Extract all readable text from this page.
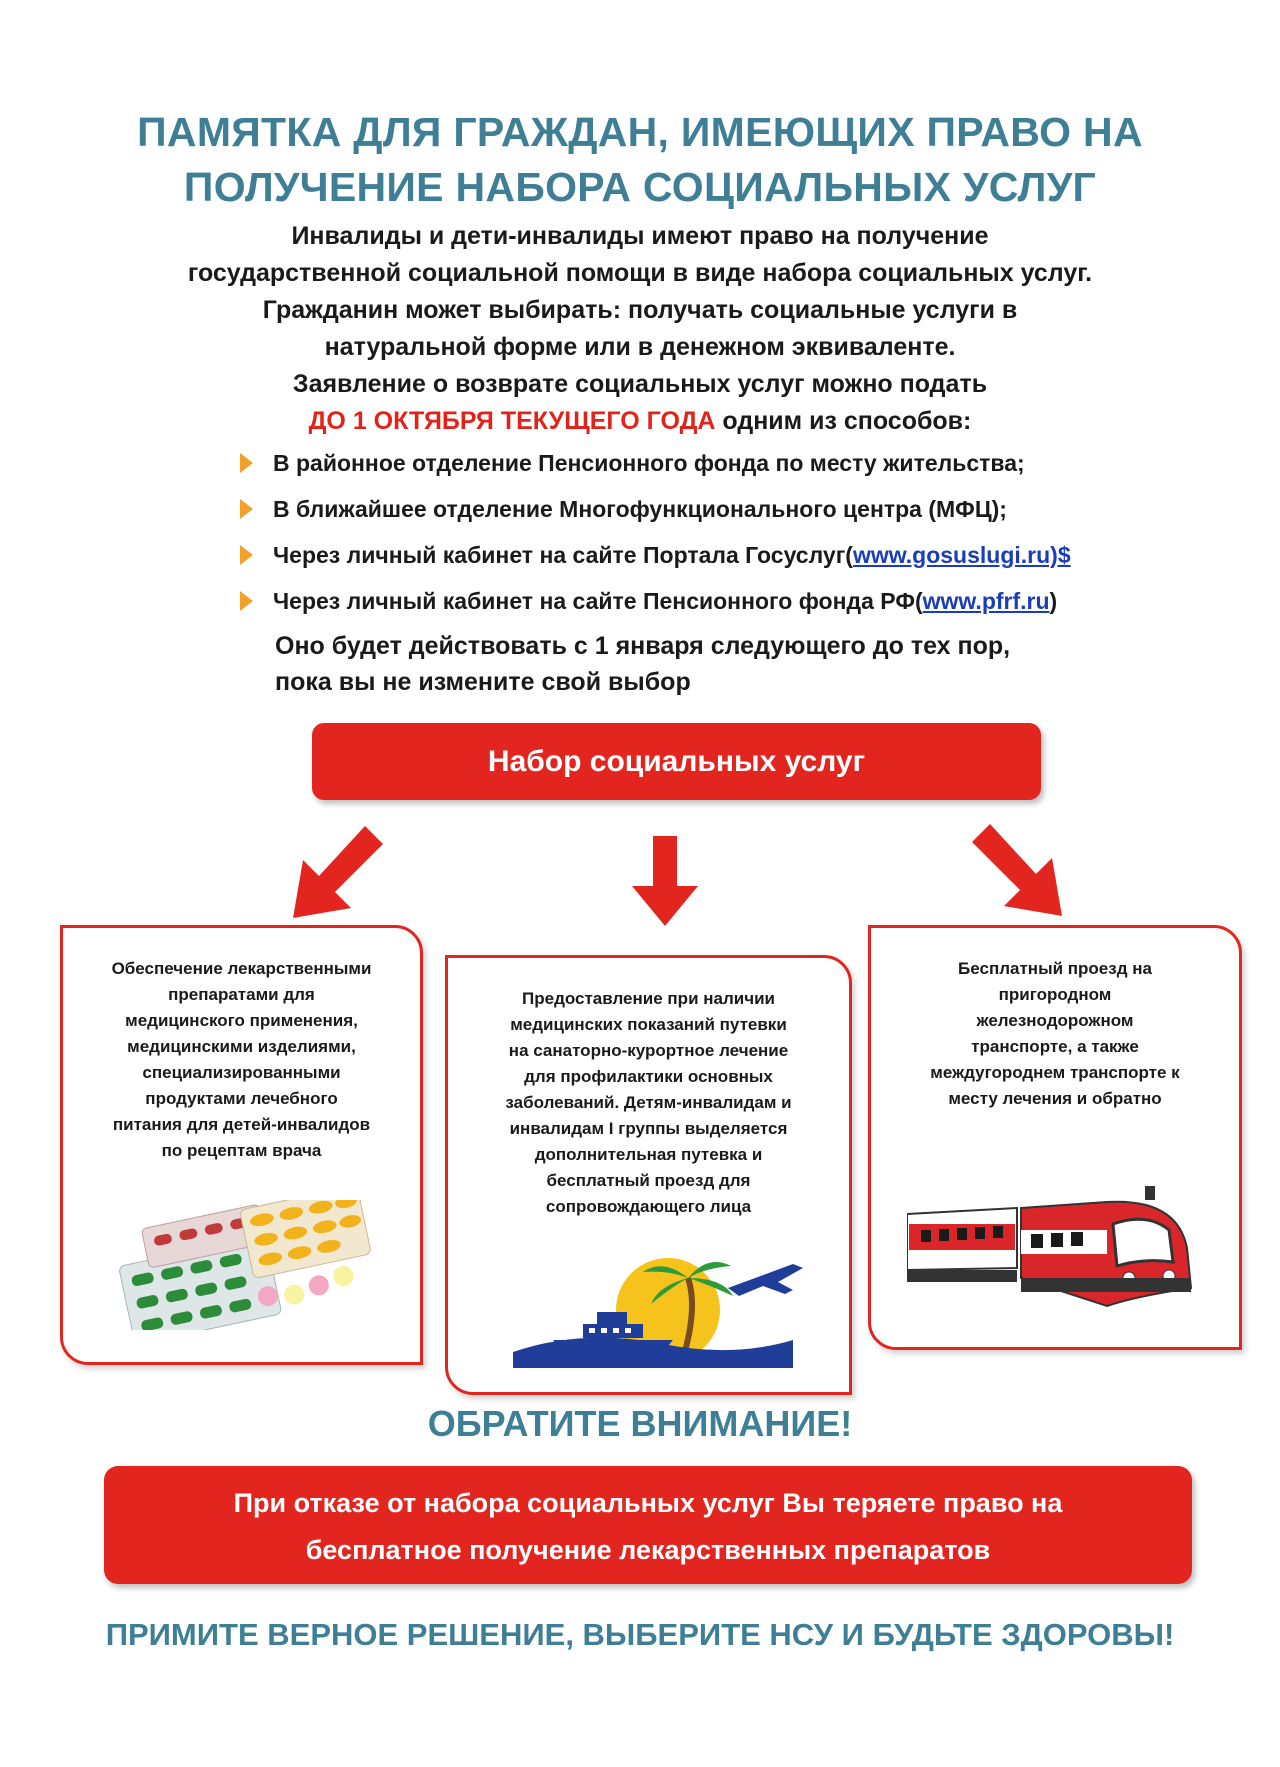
ПАМЯТКА ДЛЯ ГРАЖДАН, ИМЕЮЩИХ ПРАВО НА
ПОЛУЧЕНИЕ НАБОРА СОЦИАЛЬНЫХ УСЛУГ
Инвалиды и дети-инвалиды имеют право на получение
государственной социальной помощи в виде набора социальных услуг.
Гражданин может выбирать: получать социальные услуги в
натуральной форме или в денежном эквиваленте.
Заявление о возврате социальных услуг можно подать
ДО 1 ОКТЯБРЯ ТЕКУЩЕГО ГОДА одним из способов:
В районное отделение Пенсионного фонда по месту жительства;
В ближайшее отделение Многофункционального центра (МФЦ);
Через личный кабинет на сайте Портала Госуслуг( www.gosuslugi.ru)$
Через личный кабинет на сайте Пенсионного фонда РФ( www.pfrf.ru )
Оно будет действовать с 1 января следующего до тех пор,
пока вы не измените свой выбор
Набор социальных услуг
Обеспечение лекарственными
препаратами для
медицинского применения,
медицинскими изделиями,
специализированными
продуктами лечебного
питания для детей-инвалидов
по рецептам врача
Предоставление при наличии
медицинских показаний путевки
на санаторно-курортное лечение
для профилактики основных
заболеваний. Детям-инвалидам и
инвалидам I группы выделяется
дополнительная путевка и
бесплатный проезд для
сопровождающего лица
Бесплатный проезд на
пригородном
железнодорожном
транспорте, а также
междугороднем транспорте к
месту лечения и обратно
ОБРАТИТЕ ВНИМАНИЕ!
При отказе от набора социальных услуг Вы теряете право на
бесплатное получение лекарственных препаратов
ПРИМИТЕ ВЕРНОЕ РЕШЕНИЕ, ВЫБЕРИТЕ НСУ И БУДЬТЕ ЗДОРОВЫ!
